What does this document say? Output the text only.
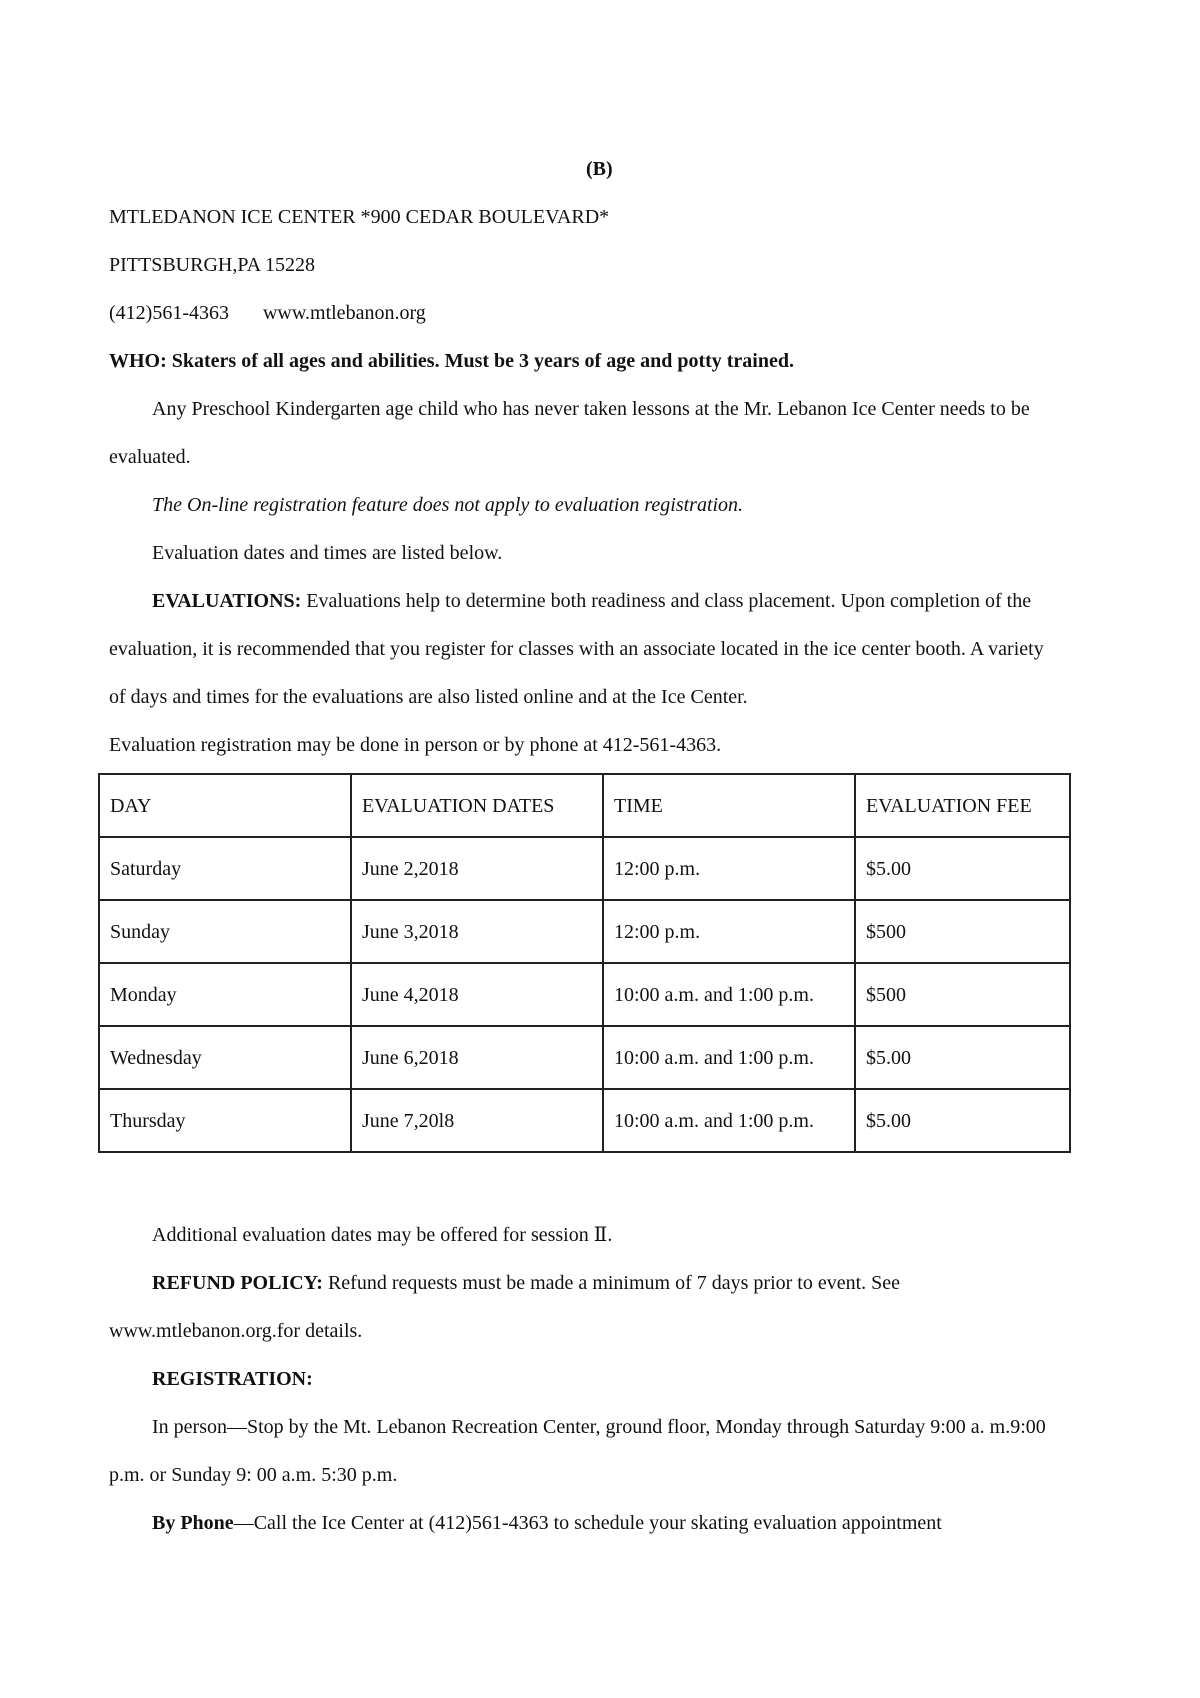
(B)
MTLEDANON ICE CENTER *900 CEDAR BOULEVARD*
PITTSBURGH,PA 15228
(412)561-4363 www.mtlebanon.org
WHO: Skaters of all ages and abilities. Must be 3 years of age and potty trained.
Any Preschool Kindergarten age child who has never taken lessons at the Mr. Lebanon Ice Center needs to be
evaluated.
The On-line registration feature does not apply to evaluation registration.
Evaluation dates and times are listed below.
EVALUATIONS: Evaluations help to determine both readiness and class placement. Upon completion of the
evaluation, it is recommended that you register for classes with an associate located in the ice center booth. A variety
of days and times for the evaluations are also listed online and at the Ice Center.
Evaluation registration may be done in person or by phone at 412-561-4363.
DAY	EVALUATION DATES	TIME	EVALUATION FEE
Saturday	June 2,2018	12:00 p.m.	$5.00
Sunday	June 3,2018	12:00 p.m.	$500
Monday	June 4,2018	10:00 a.m. and 1:00 p.m.	$500
Wednesday	June 6,2018	10:00 a.m. and 1:00 p.m.	$5.00
Thursday	June 7,20l8	10:00 a.m. and 1:00 p.m.	$5.00
Additional evaluation dates may be offered for session Ⅱ.
REFUND POLICY: Refund requests must be made a minimum of 7 days prior to event. See
www.mtlebanon.org.for details.
REGISTRATION:
In person—Stop by the Mt. Lebanon Recreation Center, ground floor, Monday through Saturday 9:00 a. m.9:00
p.m. or Sunday 9: 00 a.m. 5:30 p.m.
By Phone—Call the Ice Center at (412)561-4363 to schedule your skating evaluation appointment
